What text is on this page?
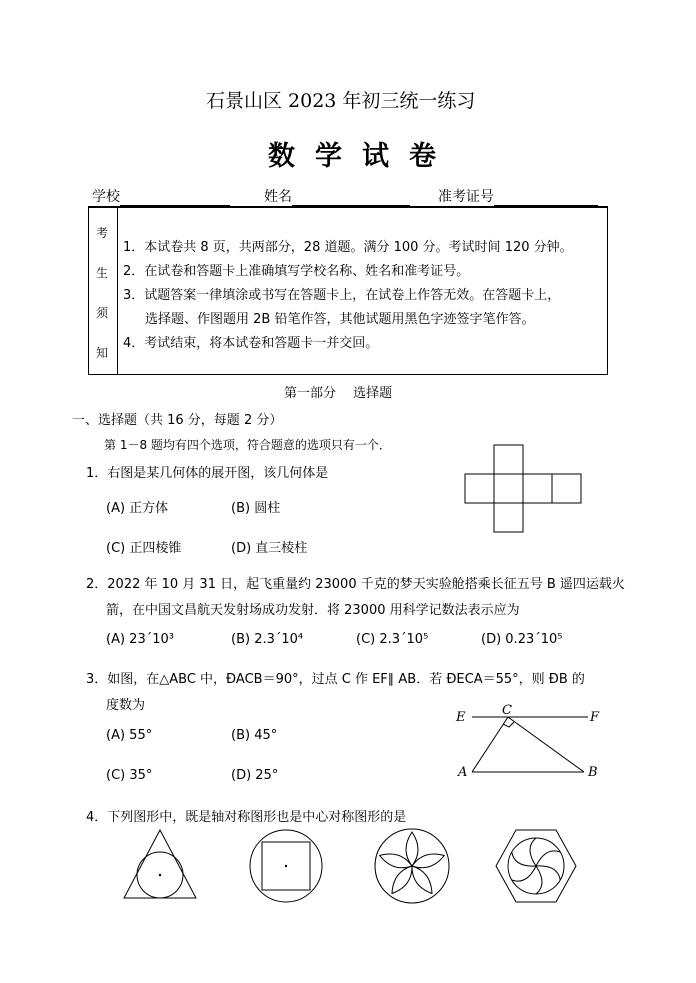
石景山区 2023 年初三统一练习
数学试卷
学校	姓名	准考证号
考
生
须
知
1．本试卷共 8 页，共两部分，28 道题。满分 100 分。考试时间 120 分钟。
2．在试卷和答题卡上准确填写学校名称、姓名和准考证号。
3．试题答案一律填涂或书写在答题卡上，在试卷上作答无效。在答题卡上，
选择题、作图题用 2B 铅笔作答，其他试题用黑色字迹签字笔作答。
4．考试结束，将本试卷和答题卡一并交回。
第一部分　 选择题
一、选择题（共 16 分，每题 2 分）
第 1－8 题均有四个选项，符合题意的选项只有一个．
1．右图是某几何体的展开图，该几何体是
(A) 正方体	(B) 圆柱
(C) 正四棱锥	(D) 直三棱柱
2．2022 年 10 月 31 日，起飞重量约 23000 千克的梦天实验舱搭乘长征五号 B 遥四运载火
箭，在中国文昌航天发射场成功发射．将 23000 用科学记数法表示应为
(A) 23´10³	(B) 2.3´10⁴	(C) 2.3´10⁵	(D) 0.23´10⁵
3．如图，在△ABC 中，ÐACB＝90°，过点 C 作 EF∥ AB．若 ÐECA＝55°，则 ÐB 的
度数为
(A) 55°	(B) 45°
(C) 35°	(D) 25°
E	C	F
A	B
4．下列图形中，既是轴对称图形也是中心对称图形的是
